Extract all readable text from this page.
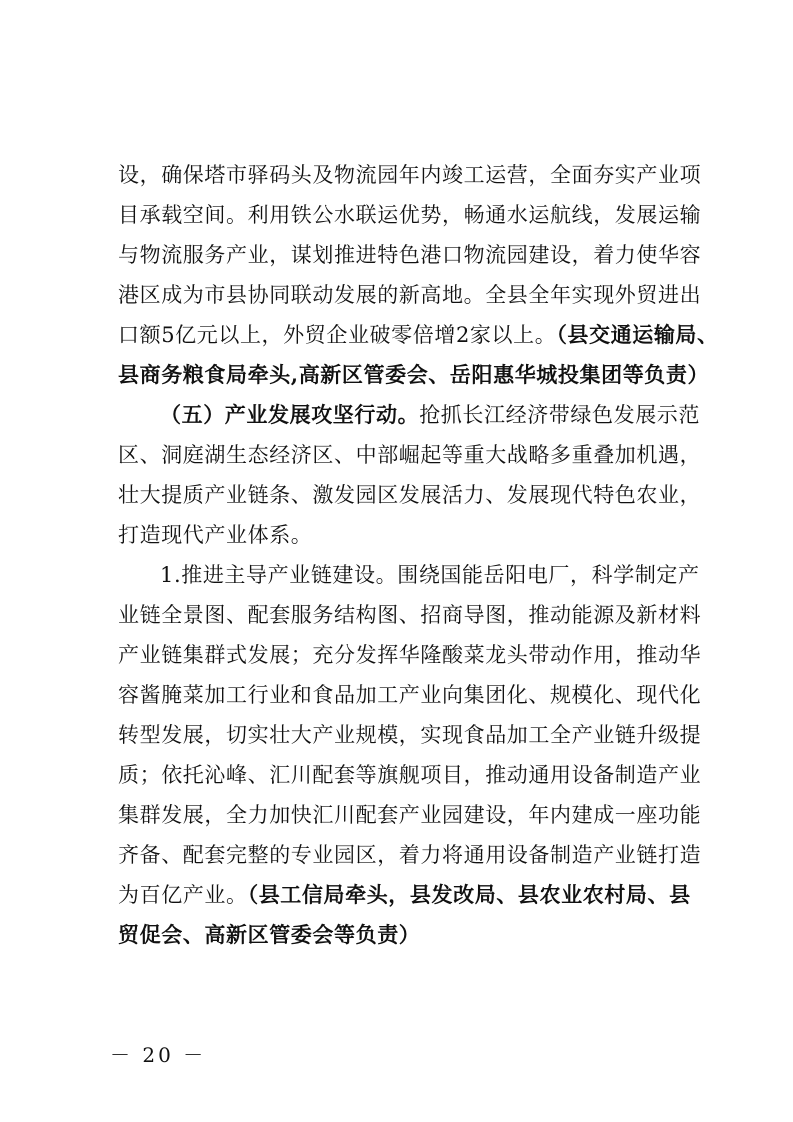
设，确保塔市驿码头及物流园年内竣工运营，全面夯实产业项
目承载空间。利用铁公水联运优势，畅通水运航线，发展运输
与物流服务产业，谋划推进特色港口物流园建设，着力使华容
港区成为市县协同联动发展的新高地。全县全年实现外贸进出
口额5亿元以上，外贸企业破零倍增2家以上。（县交通运输局、
县商务粮食局牵头,高新区管委会、岳阳惠华城投集团等负责）
（五）产业发展攻坚行动。抢抓长江经济带绿色发展示范
区、洞庭湖生态经济区、中部崛起等重大战略多重叠加机遇，
壮大提质产业链条、激发园区发展活力、发展现代特色农业，
打造现代产业体系。
1.推进主导产业链建设。围绕国能岳阳电厂，科学制定产
业链全景图、配套服务结构图、招商导图，推动能源及新材料
产业链集群式发展；充分发挥华隆酸菜龙头带动作用，推动华
容酱腌菜加工行业和食品加工产业向集团化、规模化、现代化
转型发展，切实壮大产业规模，实现食品加工全产业链升级提
质；依托沁峰、汇川配套等旗舰项目，推动通用设备制造产业
集群发展，全力加快汇川配套产业园建设，年内建成一座功能
齐备、配套完整的专业园区，着力将通用设备制造产业链打造
为百亿产业。（县工信局牵头，县发改局、县农业农村局、县
贸促会、高新区管委会等负责）
－ 20 －
